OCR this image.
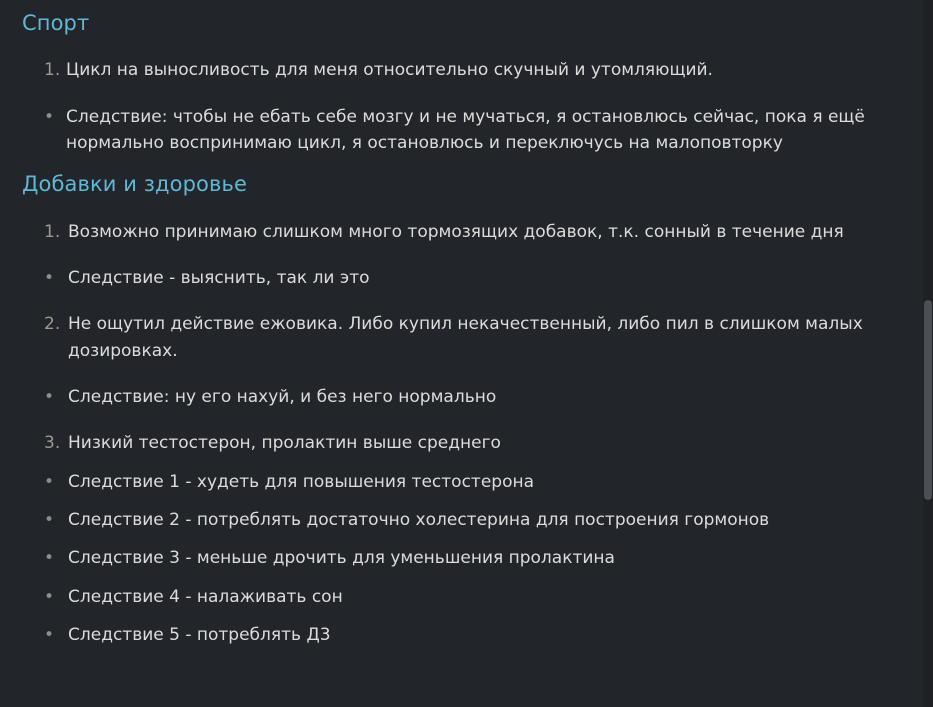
Спорт
1. Цикл на выносливость для меня относительно скучный и утомляющий.
• Следствие: чтобы не ебать себе мозгу и не мучаться, я остановлюсь сейчас, пока я ещё нормально воспринимаю цикл, я остановлюсь и переключусь на малоповторку
Добавки и здоровье
1. Возможно принимаю слишком много тормозящих добавок, т.к. сонный в течение дня
• Следствие - выяснить, так ли это
2. Не ощутил действие ежовика. Либо купил некачественный, либо пил в слишком малых дозировках.
• Следствие: ну его нахуй, и без него нормально
3. Низкий тестостерон, пролактин выше среднего
• Следствие 1 - худеть для повышения тестостерона
• Следствие 2 - потреблять достаточно холестерина для построения гормонов
• Следствие 3 - меньше дрочить для уменьшения пролактина
• Следствие 4 - налаживать сон
• Следствие 5 - потреблять Д3
